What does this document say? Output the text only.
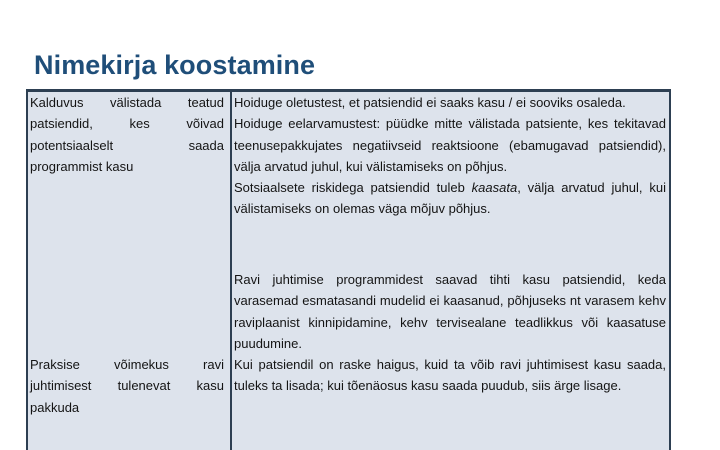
Nimekirja koostamine
Kalduvus välistada teatud patsiendid, kes võivad potentsiaalselt saada programmist kasu

Hoiduge oletustest, et patsiendid ei saaks kasu / ei sooviks osaleda.

Hoiduge eelarvamustest: püüdke mitte välistada patsiente, kes tekitavad teenusepakkujates negatiivseid reaktsioone (ebamugavad patsiendid), välja arvatud juhul, kui välistamiseks on põhjus.

Sotsiaalsete riskidega patsiendid tuleb kaasata, välja arvatud juhul, kui välistamiseks on olemas väga mõjuv põhjus.

Ravi juhtimise programmidest saavad tihti kasu patsiendid, keda varasemad esmatasandi mudelid ei kaasanud, põhjuseks nt varasem kehv raviplaanist kinnipidamine, kehv tervisealane teadlikkus või kaasatuse puudumine.

Kui patsiendil on raske haigus, kuid ta võib ravi juhtimisest kasu saada, tuleks ta lisada; kui tõenäosus kasu saada puudub, siis ärge lisage.

Praksise võimekus ravi juhtimisest tulenevat kasu pakkuda
